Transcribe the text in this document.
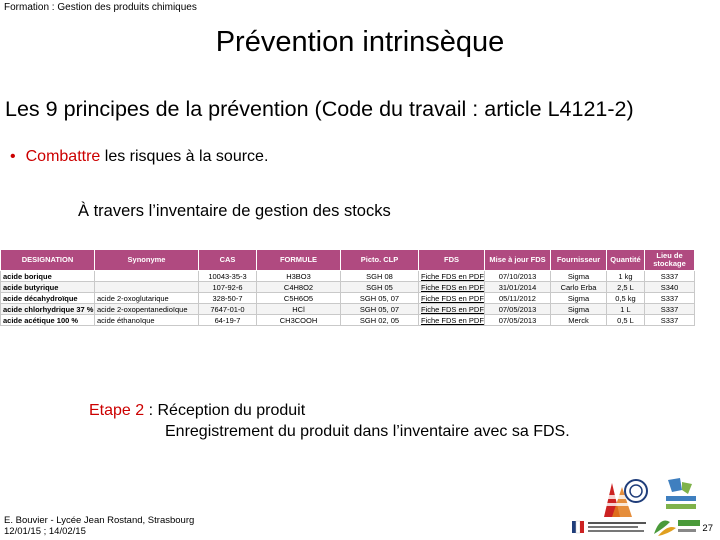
Formation : Gestion des produits chimiques
Prévention intrinsèque
Les 9 principes de la prévention (Code du travail : article L4121-2)
• Combattre les risques à la source.
À travers l’inventaire de gestion des stocks
DESIGNATION	Synonyme	CAS	FORMULE	Picto. CLP	FDS	Mise à jour FDS	Fournisseur	Quantité	Lieu de stockage
acide borique		10043-35-3	H3BO3	SGH 08	Fiche FDS en PDF	07/10/2013	Sigma	1 kg	S337
acide butyrique		107-92-6	C4H8O2	SGH 05	Fiche FDS en PDF	31/01/2014	Carlo Erba	2,5 L	S340
acide décahydroïque	acide 2-oxoglutarique	328-50-7	C5H6O5	SGH 05, 07	Fiche FDS en PDF	05/11/2012	Sigma	0,5 kg	S337
acide chlorhydrique 37 %	acide 2-oxopentanedioïque	7647-01-0	HCl	SGH 05, 07	Fiche FDS en PDF	07/05/2013	Sigma	1 L	S337
acide acétique 100 %	acide éthanoïque	64-19-7	CH3COOH	SGH 02, 05	Fiche FDS en PDF	07/05/2013	Merck	0,5 L	S337
Etape 2 : Réception du produit
Enregistrement du produit dans l’inventaire avec sa FDS.
E. Bouvier - Lycée Jean Rostand, Strasbourg
12/01/15 ; 14/02/15	27
